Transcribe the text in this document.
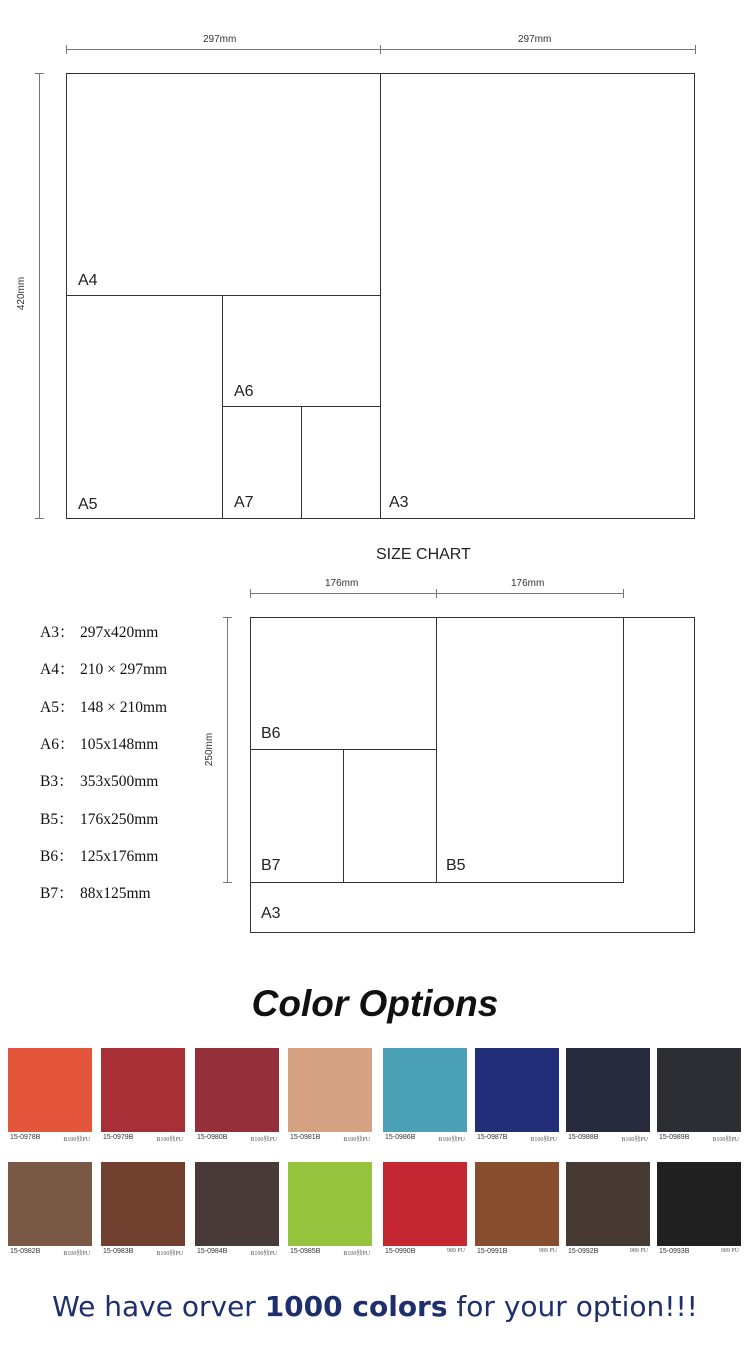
297mm	297mm
420mm	A4
A6
A5	A7	A3
SIZE CHART
A3： 297x420mm
A4： 210 × 297mm
A5： 148 × 210mm
A6： 105x148mm
B3： 353x500mm
B5： 176x250mm
B6： 125x176mm
B7： 88x125mm
176mm	176mm
250mm	B6
B7	B5
A3
Color Options
15-0978B	B100独PU 15-0979B	B100独PU 15-0980B	B100独PU 15-0981B	B100独PU 15-0986B	B100独PU 15-0987B	B100独PU 15-0988B	B100独PU 15-0989B	B100独PU
15-0982B	B100独PU 15-0983B	B100独PU 15-0984B	B100独PU 15-0985B	B100独PU 15-0990B	989 PU 15-0991B	989 PU 15-0992B	989 PU 15-0993B	989 PU
We have orver 1000 colors for your option!!!
